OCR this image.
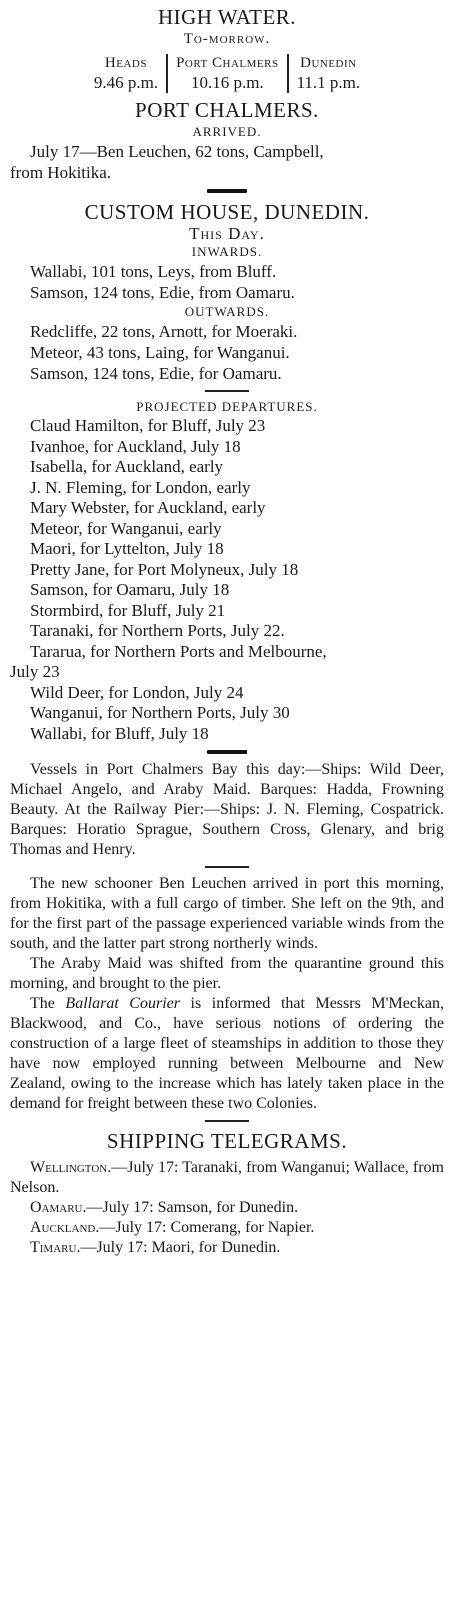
HIGH WATER.
To-morrow.
Heads
9.46 p.m.
Port Chalmers
10.16 p.m.
Dunedin
11.1 p.m.
PORT CHALMERS.
ARRIVED.

July 17—Ben Leuchen, 62 tons, Campbell,

from Hokitika.

CUSTOM HOUSE, DUNEDIN.
This Day.
INWARDS.

Wallabi, 101 tons, Leys, from Bluff.

Samson, 124 tons, Edie, from Oamaru.

OUTWARDS.

Redcliffe, 22 tons, Arnott, for Moeraki.

Meteor, 43 tons, Laing, for Wanganui.

Samson, 124 tons, Edie, for Oamaru.

PROJECTED DEPARTURES.

Claud Hamilton, for Bluff, July 23

Ivanhoe, for Auckland, July 18

Isabella, for Auckland, early

J. N. Fleming, for London, early

Mary Webster, for Auckland, early

Meteor, for Wanganui, early

Maori, for Lyttelton, July 18

Pretty Jane, for Port Molyneux, July 18

Samson, for Oamaru, July 18

Stormbird, for Bluff, July 21

Taranaki, for Northern Ports, July 22.

Tararua, for Northern Ports and Melbourne,

July 23

Wild Deer, for London, July 24

Wanganui, for Northern Ports, July 30

Wallabi, for Bluff, July 18

Vessels in Port Chalmers Bay this day:—Ships: Wild Deer, Michael Angelo, and Araby Maid. Barques: Hadda, Frowning Beauty. At the Railway Pier:—Ships: J. N. Fleming, Cospatrick. Barques: Horatio Sprague, Southern Cross, Glenary, and brig Thomas and Henry.

The new schooner Ben Leuchen arrived in port this morning, from Hokitika, with a full cargo of timber. She left on the 9th, and for the first part of the passage experienced variable winds from the south, and the latter part strong northerly winds.

The Araby Maid was shifted from the quarantine ground this morning, and brought to the pier.

The Ballarat Courier is informed that Messrs M'Meckan, Blackwood, and Co., have serious notions of ordering the construction of a large fleet of steamships in addition to those they have now employed running between Melbourne and New Zealand, owing to the increase which has lately taken place in the demand for freight between these two Colonies.

SHIPPING TELEGRAMS.

Wellington.—July 17: Taranaki, from Wanganui; Wallace, from Nelson.

Oamaru.—July 17: Samson, for Dunedin.

Auckland.—July 17: Comerang, for Napier.

Timaru.—July 17: Maori, for Dunedin.
